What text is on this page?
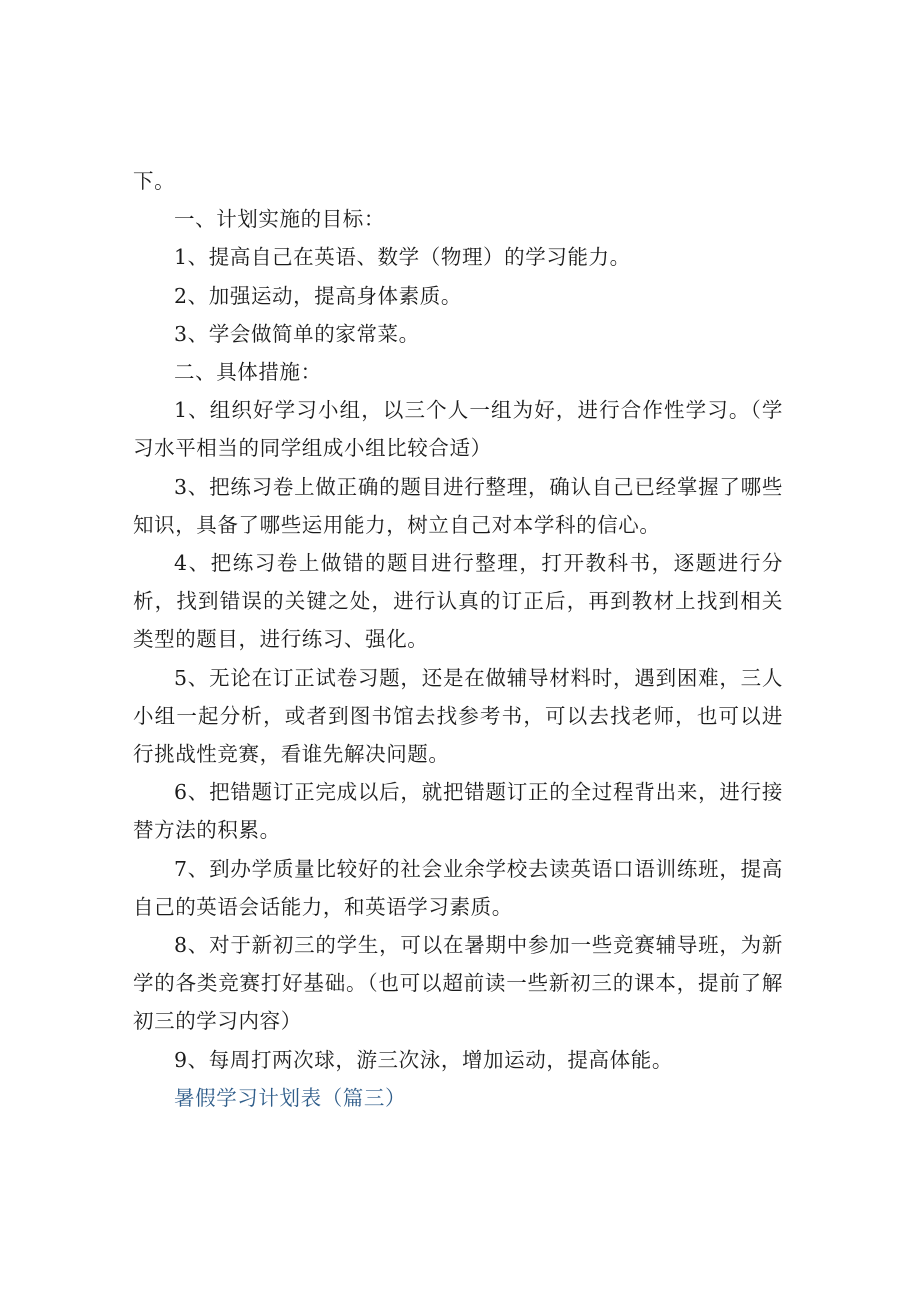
下。

一、计划实施的目标：

1、提高自己在英语、数学（物理）的学习能力。

2、加强运动，提高身体素质。

3、学会做简单的家常菜。

二、具体措施：

1、组织好学习小组，以三个人一组为好，进行合作性学习。（学习水平相当的同学组成小组比较合适）

3、把练习卷上做正确的题目进行整理，确认自己已经掌握了哪些知识，具备了哪些运用能力，树立自己对本学科的信心。

4、把练习卷上做错的题目进行整理，打开教科书，逐题进行分析，找到错误的关键之处，进行认真的订正后，再到教材上找到相关类型的题目，进行练习、强化。

5、无论在订正试卷习题，还是在做辅导材料时，遇到困难，三人小组一起分析，或者到图书馆去找参考书，可以去找老师，也可以进行挑战性竞赛，看谁先解决问题。

6、把错题订正完成以后，就把错题订正的全过程背出来，进行接替方法的积累。

7、到办学质量比较好的社会业余学校去读英语口语训练班，提高自己的英语会话能力，和英语学习素质。

8、对于新初三的学生，可以在暑期中参加一些竞赛辅导班，为新学的各类竞赛打好基础。（也可以超前读一些新初三的课本，提前了解初三的学习内容）

9、每周打两次球，游三次泳，增加运动，提高体能。

暑假学习计划表（篇三）
